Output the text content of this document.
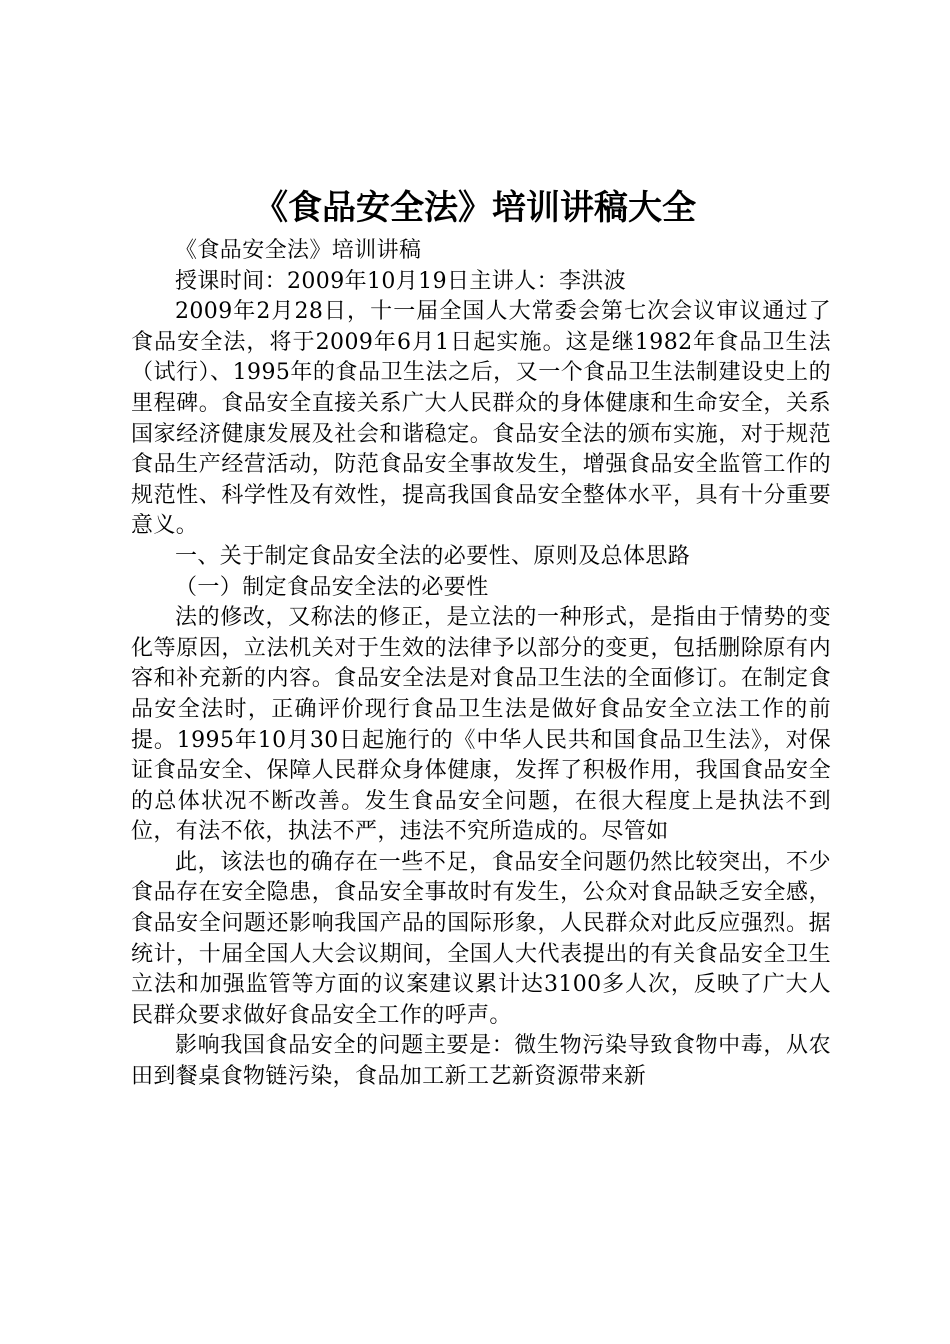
《食品安全法》培训讲稿大全

《食品安全法》培训讲稿

授课时间：2009年10月19日主讲人：李洪波

2009年2月28日，十一届全国人大常委会第七次会议审议通过了食品安全法，将于2009年6月1日起实施。这是继1982年食品卫生法（试行）、1995年的食品卫生法之后，又一个食品卫生法制建设史上的里程碑。食品安全直接关系广大人民群众的身体健康和生命安全，关系国家经济健康发展及社会和谐稳定。食品安全法的颁布实施，对于规范食品生产经营活动，防范食品安全事故发生，增强食品安全监管工作的规范性、科学性及有效性，提高我国食品安全整体水平，具有十分重要意义。

一、关于制定食品安全法的必要性、原则及总体思路

（一）制定食品安全法的必要性

法的修改，又称法的修正，是立法的一种形式，是指由于情势的变化等原因，立法机关对于生效的法律予以部分的变更，包括删除原有内容和补充新的内容。食品安全法是对食品卫生法的全面修订。在制定食品安全法时，正确评价现行食品卫生法是做好食品安全立法工作的前提。1995年10月30日起施行的《中华人民共和国食品卫生法》，对保证食品安全、保障人民群众身体健康，发挥了积极作用，我国食品安全的总体状况不断改善。发生食品安全问题，在很大程度上是执法不到位，有法不依，执法不严，违法不究所造成的。尽管如

此，该法也的确存在一些不足，食品安全问题仍然比较突出，不少食品存在安全隐患，食品安全事故时有发生，公众对食品缺乏安全感，食品安全问题还影响我国产品的国际形象，人民群众对此反应强烈。据统计，十届全国人大会议期间，全国人大代表提出的有关食品安全卫生立法和加强监管等方面的议案建议累计达3100多人次，反映了广大人民群众要求做好食品安全工作的呼声。

影响我国食品安全的问题主要是：微生物污染导致食物中毒，从农田到餐桌食物链污染，食品加工新工艺新资源带来新
